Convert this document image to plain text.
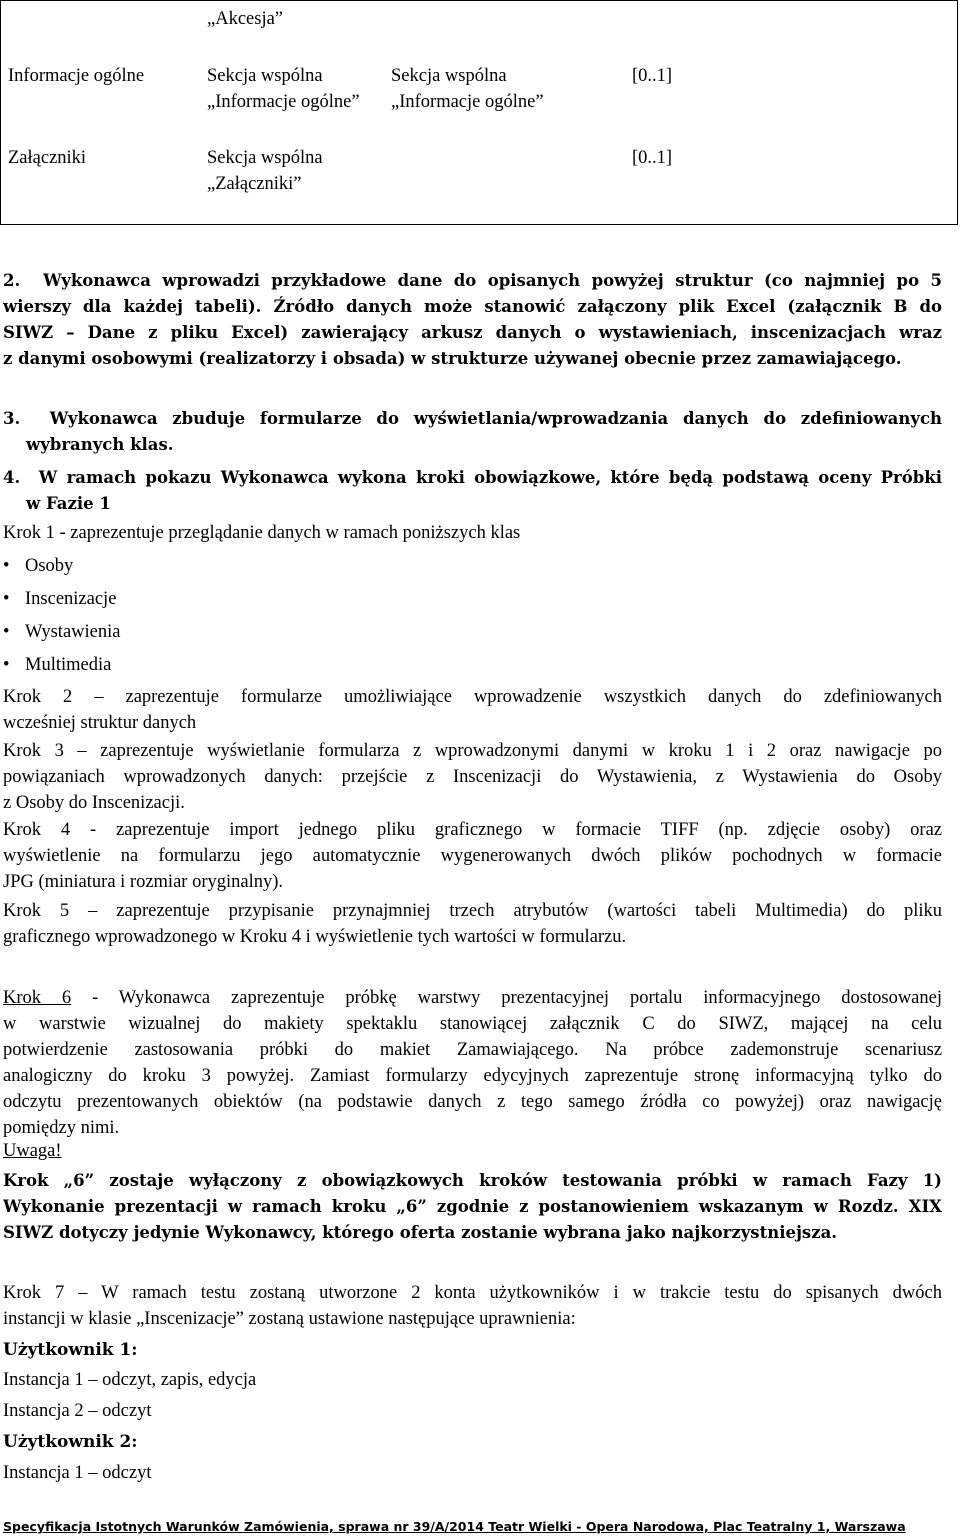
„Akcesja”
Informacje ogólne	Sekcja wspólna
„Informacje ogólne”
Sekcja wspólna
„Informacje ogólne”
[0..1]
Załączniki	Sekcja wspólna
„Załączniki”
[0..1]
2. Wykonawca wprowadzi przykładowe dane do opisanych powyżej struktur (co najmniej po 5
wierszy dla każdej tabeli). Źródło danych może stanowić załączony plik Excel (załącznik B do
SIWZ – Dane z pliku Excel) zawierający arkusz danych o wystawieniach, inscenizacjach wraz
z danymi osobowymi (realizatorzy i obsada) w strukturze używanej obecnie przez zamawiającego.
3. Wykonawca zbuduje formularze do wyświetlania/wprowadzania danych do zdefiniowanych
wybranych klas.
4. W ramach pokazu Wykonawca wykona kroki obowiązkowe, które będą podstawą oceny Próbki
w Fazie 1
Krok 1 - zaprezentuje przeglądanie danych w ramach poniższych klas
• Osoby
• Inscenizacje
• Wystawienia
• Multimedia
Krok 2 – zaprezentuje formularze umożliwiające wprowadzenie wszystkich danych do zdefiniowanych
wcześniej struktur danych
Krok 3 – zaprezentuje wyświetlanie formularza z wprowadzonymi danymi w kroku 1 i 2 oraz nawigacje po
powiązaniach wprowadzonych danych: przejście z Inscenizacji do Wystawienia, z Wystawienia do Osoby
z Osoby do Inscenizacji.
Krok 4 - zaprezentuje import jednego pliku graficznego w formacie TIFF (np. zdjęcie osoby) oraz
wyświetlenie na formularzu jego automatycznie wygenerowanych dwóch plików pochodnych w formacie
JPG (miniatura i rozmiar oryginalny).
Krok 5 – zaprezentuje przypisanie przynajmniej trzech atrybutów (wartości tabeli Multimedia) do pliku
graficznego wprowadzonego w Kroku 4 i wyświetlenie tych wartości w formularzu.
Krok 6 - Wykonawca zaprezentuje próbkę warstwy prezentacyjnej portalu informacyjnego dostosowanej
w warstwie wizualnej do makiety spektaklu stanowiącej załącznik C do SIWZ, mającej na celu
potwierdzenie zastosowania próbki do makiet Zamawiającego. Na próbce zademonstruje scenariusz
analogiczny do kroku 3 powyżej. Zamiast formularzy edycyjnych zaprezentuje stronę informacyjną tylko do
odczytu prezentowanych obiektów (na podstawie danych z tego samego źródła co powyżej) oraz nawigację
pomiędzy nimi.
Uwaga!
Krok „6” zostaje wyłączony z obowiązkowych kroków testowania próbki w ramach Fazy 1)
Wykonanie prezentacji w ramach kroku „6” zgodnie z postanowieniem wskazanym w Rozdz. XIX
SIWZ dotyczy jedynie Wykonawcy, którego oferta zostanie wybrana jako najkorzystniejsza.
Krok 7 – W ramach testu zostaną utworzone 2 konta użytkowników i w trakcie testu do spisanych dwóch
instancji w klasie „Inscenizacje” zostaną ustawione następujące uprawnienia:
Użytkownik 1:
Instancja 1 – odczyt, zapis, edycja
Instancja 2 – odczyt
Użytkownik 2:
Instancja 1 – odczyt
Specyfikacja Istotnych Warunków Zamówienia, sprawa nr 39/A/2014 Teatr Wielki - Opera Narodowa, Plac Teatralny 1, Warszawa
